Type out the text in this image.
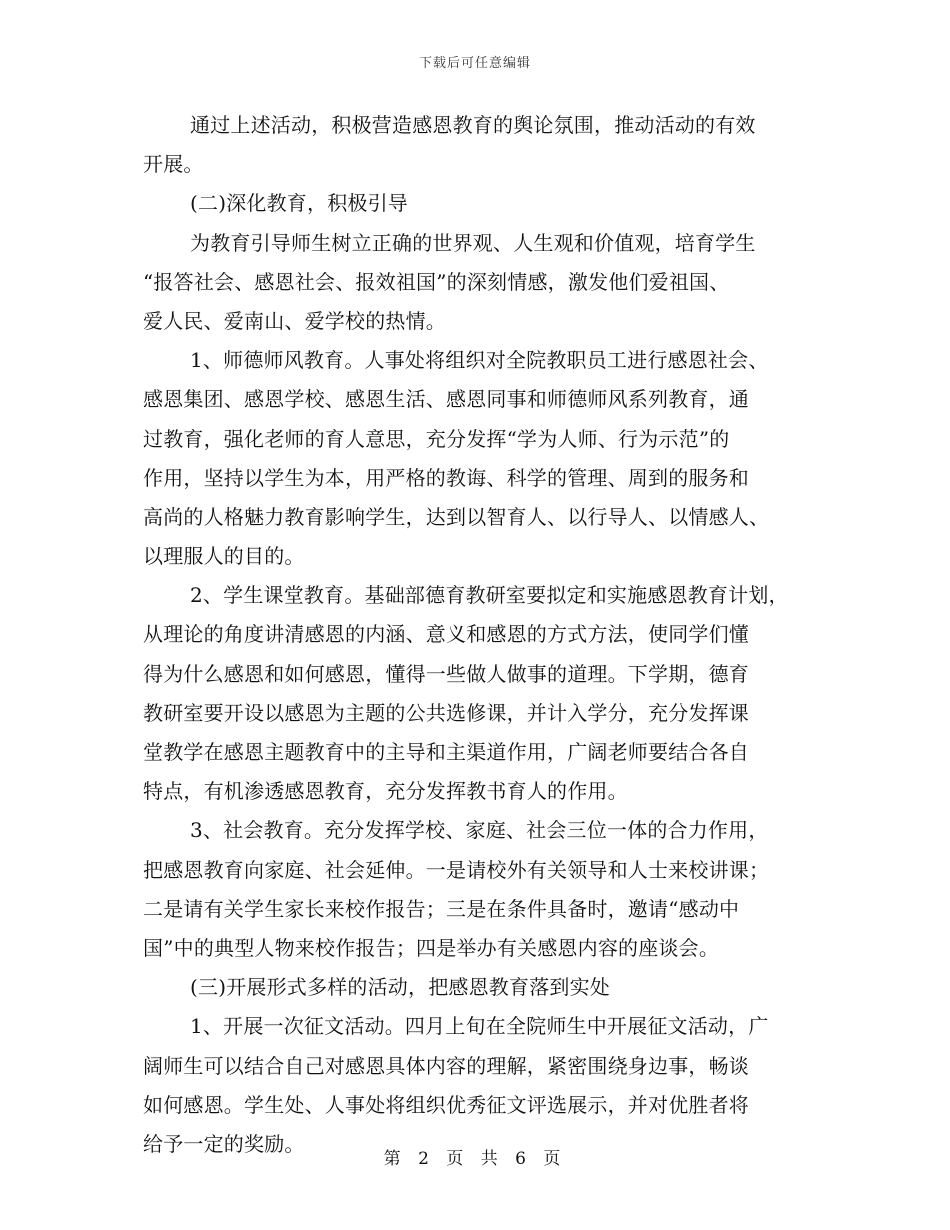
下载后可任意编辑
通过上述活动，积极营造感恩教育的舆论氛围，推动活动的有效
开展。
(二)深化教育，积极引导
为教育引导师生树立正确的世界观、人生观和价值观，培育学生
“报答社会、感恩社会、报效祖国”的深刻情感，激发他们爱祖国、
爱人民、爱南山、爱学校的热情。
1、师德师风教育。人事处将组织对全院教职员工进行感恩社会、
感恩集团、感恩学校、感恩生活、感恩同事和师德师风系列教育，通
过教育，强化老师的育人意思，充分发挥“学为人师、行为示范”的
作用，坚持以学生为本，用严格的教诲、科学的管理、周到的服务和
高尚的人格魅力教育影响学生，达到以智育人、以行导人、以情感人、
以理服人的目的。
2、学生课堂教育。基础部德育教研室要拟定和实施感恩教育计划，
从理论的角度讲清感恩的内涵、意义和感恩的方式方法，使同学们懂
得为什么感恩和如何感恩，懂得一些做人做事的道理。下学期，德育
教研室要开设以感恩为主题的公共选修课，并计入学分，充分发挥课
堂教学在感恩主题教育中的主导和主渠道作用，广阔老师要结合各自
特点，有机渗透感恩教育，充分发挥教书育人的作用。
3、社会教育。充分发挥学校、家庭、社会三位一体的合力作用，
把感恩教育向家庭、社会延伸。一是请校外有关领导和人士来校讲课；
二是请有关学生家长来校作报告；三是在条件具备时，邀请“感动中
国”中的典型人物来校作报告；四是举办有关感恩内容的座谈会。
(三)开展形式多样的活动，把感恩教育落到实处
1、开展一次征文活动。四月上旬在全院师生中开展征文活动，广
阔师生可以结合自己对感恩具体内容的理解，紧密围绕身边事，畅谈
如何感恩。学生处、人事处将组织优秀征文评选展示，并对优胜者将
给予一定的奖励。
第 2 页 共 6 页
